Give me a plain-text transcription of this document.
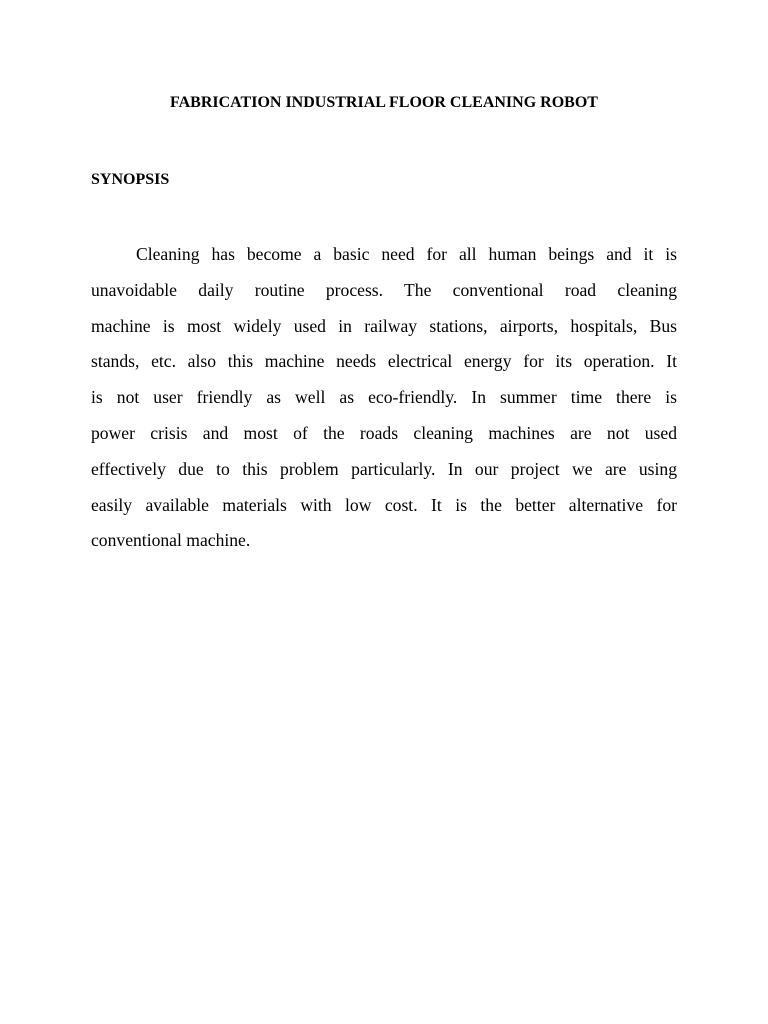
FABRICATION INDUSTRIAL FLOOR CLEANING ROBOT
SYNOPSIS
Cleaning has become a basic need for all human beings and it is
unavoidable daily routine process. The conventional road cleaning
machine is most widely used in railway stations, airports, hospitals, Bus
stands, etc. also this machine needs electrical energy for its operation. It
is not user friendly as well as eco-friendly. In summer time there is
power crisis and most of the roads cleaning machines are not used
effectively due to this problem particularly. In our project we are using
easily available materials with low cost. It is the better alternative for
conventional machine.
